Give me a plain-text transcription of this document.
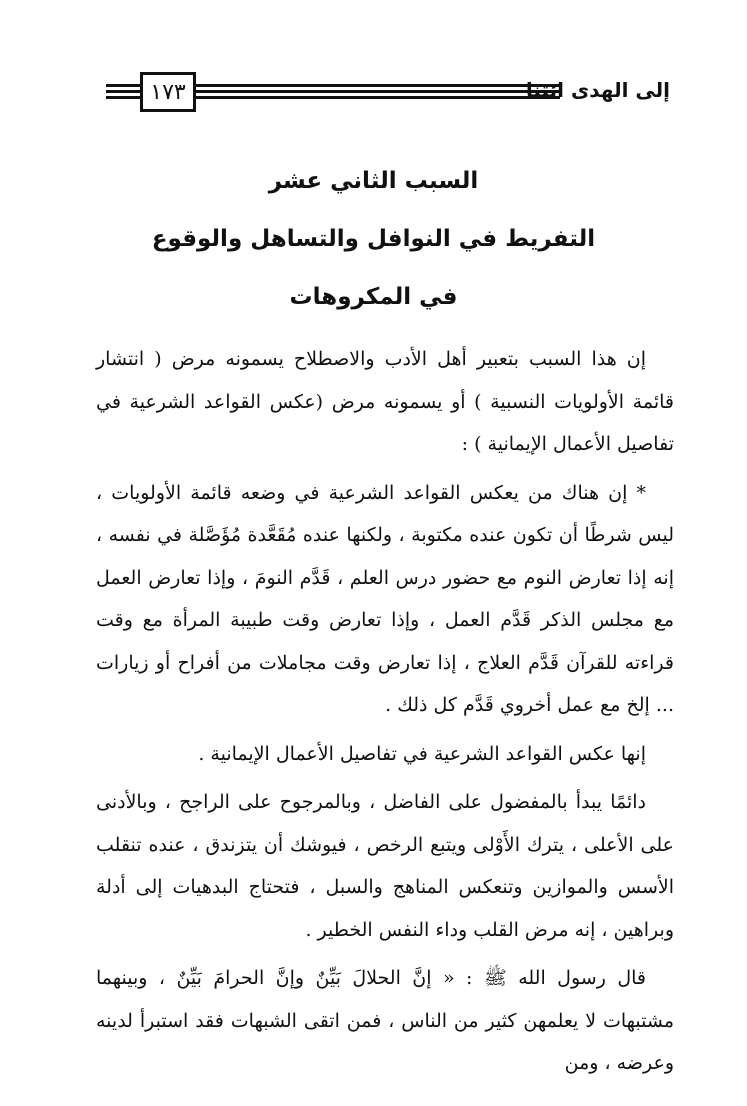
١٧٣	إلى الهدى ائتنا
السبب الثاني عشر
التفريط في النوافل والتساهل والوقوع
في المكروهات

إن هذا السبب بتعبير أهل الأدب والاصطلاح يسمونه مرض ( انتشار قائمة الأولويات النسبية ) أو يسمونه مرض (عكس القواعد الشرعية في تفاصيل الأعمال الإيمانية ) :

* إن هناك من يعكس القواعد الشرعية في وضعه قائمة الأولويات ، ليس شرطًا أن تكون عنده مكتوبة ، ولكنها عنده مُقَعَّدة مُؤَصَّلة في نفسه ، إنه إذا تعارض النوم مع حضور درس العلم ، قَدَّم النومَ ، وإذا تعارض العمل مع مجلس الذكر قَدَّم العمل ، وإذا تعارض وقت طبيبة المرأة مع وقت قراءته للقرآن قَدَّم العلاج ، إذا تعارض وقت مجاملات من أفراح أو زيارات ... إلخ مع عمل أخروي قَدَّم كل ذلك .

إنها عكس القواعد الشرعية في تفاصيل الأعمال الإيمانية .

دائمًا يبدأ بالمفضول على الفاضل ، وبالمرجوح على الراجح ، وبالأدنى على الأعلى ، يترك الأَوْلى ويتبع الرخص ، فيوشك أن يتزندق ، عنده تنقلب الأسس والموازين وتنعكس المناهج والسبل ، فتحتاج البدهيات إلى أدلة وبراهين ، إنه مرض القلب وداء النفس الخطير .

قال رسول الله ﷺ : « إنَّ الحلالَ بَيِّنٌ وإنَّ الحرامَ بَيِّنٌ ، وبينهما مشتبهات لا يعلمهن كثير من الناس ، فمن اتقى الشبهات فقد استبرأ لدينه وعرضه ، ومن
